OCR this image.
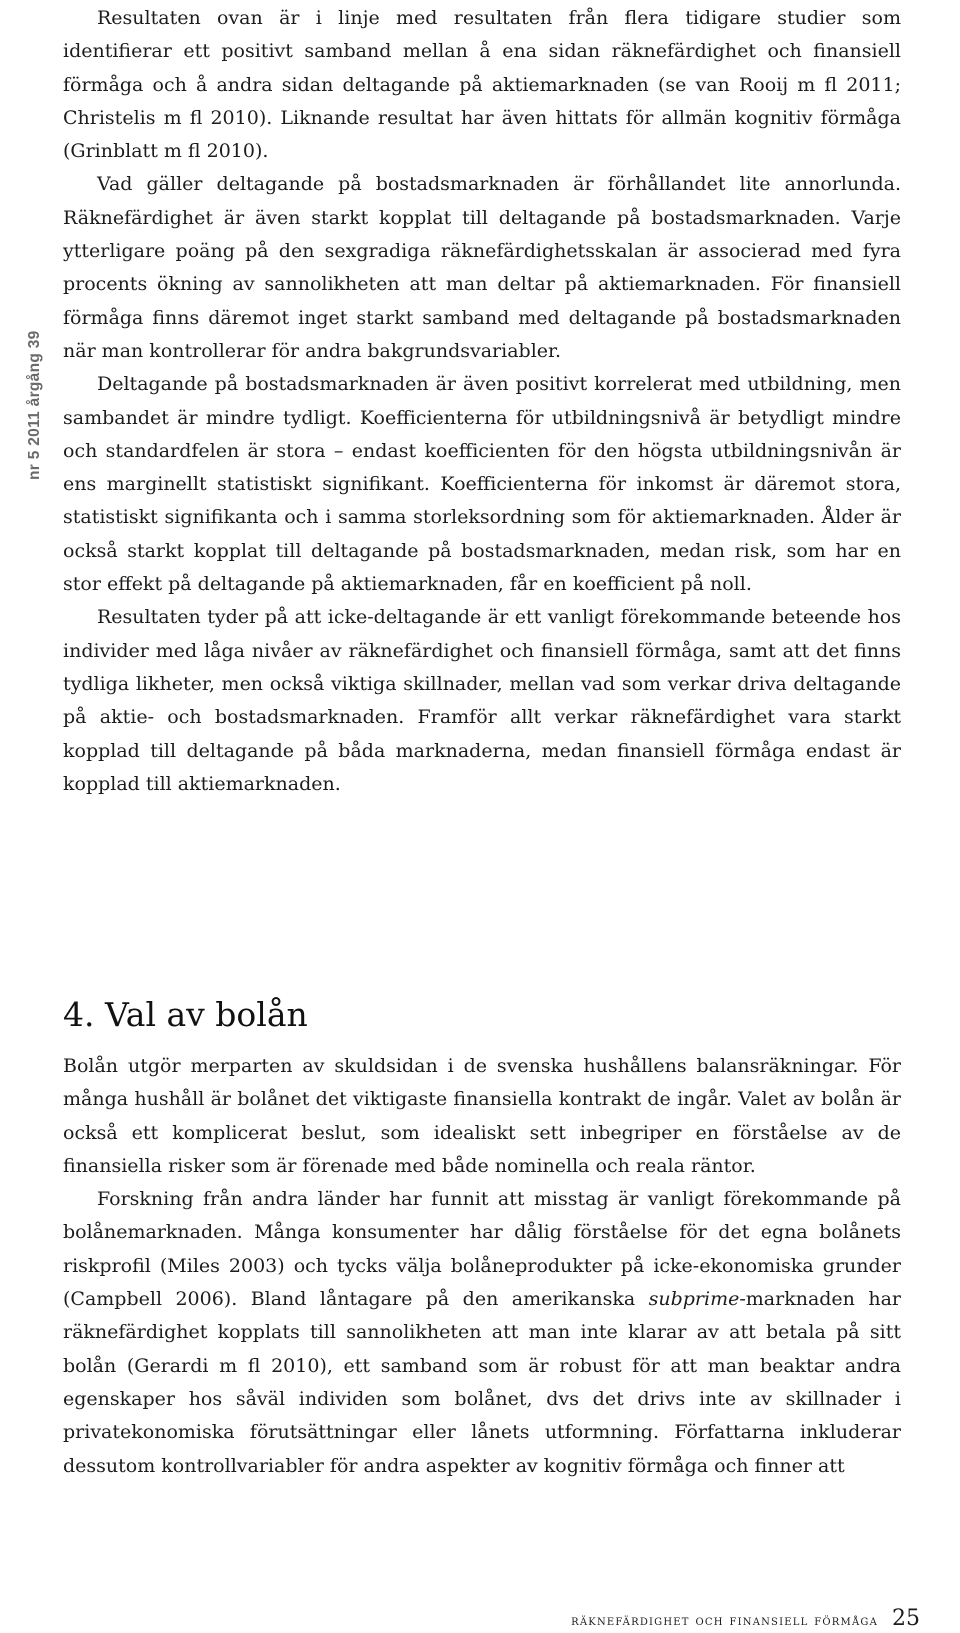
nr 5 2011 årgång 39

Resultaten ovan är i linje med resultaten från flera tidigare studier som identifierar ett positivt samband mellan å ena sidan räknefärdighet och finansiell förmåga och å andra sidan deltagande på aktiemarknaden (se van Rooij m fl 2011; Christelis m fl 2010). Liknande resultat har även hittats för allmän kognitiv förmåga (Grinblatt m fl 2010).

Vad gäller deltagande på bostadsmarknaden är förhållandet lite annorlunda. Räknefärdighet är även starkt kopplat till deltagande på bostadsmarknaden. Varje ytterligare poäng på den sexgradiga räknefärdighetsskalan är associerad med fyra procents ökning av sannolikheten att man deltar på aktiemarknaden. För finansiell förmåga finns däremot inget starkt samband med deltagande på bostadsmarknaden när man kontrollerar för andra bakgrundsvariabler.

Deltagande på bostadsmarknaden är även positivt korrelerat med utbildning, men sambandet är mindre tydligt. Koefficienterna för utbildningsnivå är betydligt mindre och standardfelen är stora – endast koefficienten för den högsta utbildningsnivån är ens marginellt statistiskt signifikant. Koefficienterna för inkomst är däremot stora, statistiskt signifikanta och i samma storleksordning som för aktiemarknaden. Ålder är också starkt kopplat till deltagande på bostadsmarknaden, medan risk, som har en stor effekt på deltagande på aktiemarknaden, får en koefficient på noll.

Resultaten tyder på att icke-deltagande är ett vanligt förekommande beteende hos individer med låga nivåer av räknefärdighet och finansiell förmåga, samt att det finns tydliga likheter, men också viktiga skillnader, mellan vad som verkar driva deltagande på aktie- och bostadsmarknaden. Framför allt verkar räknefärdighet vara starkt kopplad till deltagande på båda marknaderna, medan finansiell förmåga endast är kopplad till aktiemarknaden.

4. Val av bolån

Bolån utgör merparten av skuldsidan i de svenska hushållens balansräkningar. För många hushåll är bolånet det viktigaste finansiella kontrakt de ingår. Valet av bolån är också ett komplicerat beslut, som idealiskt sett inbegriper en förståelse av de finansiella risker som är förenade med både nominella och reala räntor.

Forskning från andra länder har funnit att misstag är vanligt förekommande på bolånemarknaden. Många konsumenter har dålig förståelse för det egna bolånets riskprofil (Miles 2003) och tycks välja bolåneprodukter på icke-ekonomiska grunder (Campbell 2006). Bland låntagare på den amerikanska subprime-marknaden har räknefärdighet kopplats till sannolikheten att man inte klarar av att betala på sitt bolån (Gerardi m fl 2010), ett samband som är robust för att man beaktar andra egenskaper hos såväl individen som bolånet, dvs det drivs inte av skillnader i privatekonomiska förutsättningar eller lånets utformning. Författarna inkluderar dessutom kontrollvariabler för andra aspekter av kognitiv förmåga och finner att

räknefärdighet och finansiell förmåga 25
